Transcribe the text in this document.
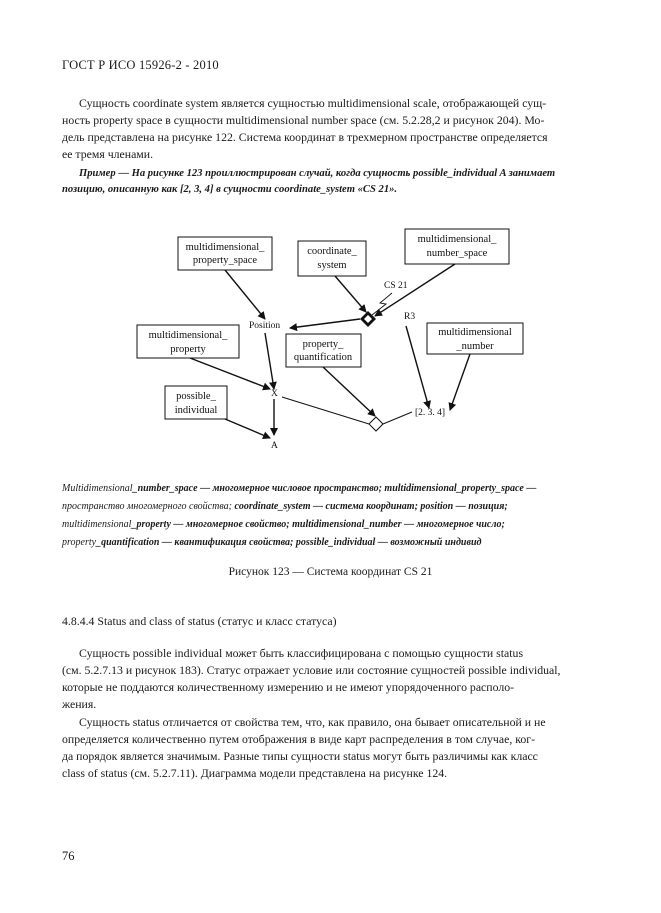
ГОСТ Р ИСО 15926-2 - 2010
Сущность coordinate system является сущностью multidimensional scale, отображающей сущ-
ность property space в сущности multidimensional number space (см. 5.2.28,2 и рисунок 204). Мо-
дель представлена на рисунке 122. Система координат в трехмерном пространстве определяется
ее тремя членами.
Пример — На рисунке 123 проиллюстрирован случай, когда сущность possible_individual A занимает
позицию, описанную как [2, 3, 4] в сущности coordinate_system «CS 21».
multidimensional_
property_space
coordinate_
system
multidimensional_
number_space
multidimensional_
property	property_
quantification
multidimensional
_number
possible_
individual
CS 21
Position
R3
X
A
[2. 3. 4]
Multidimensional_number_space — многомерное числовое пространство; multidimensional_property_space —
пространство многомерного свойства; coordinate_system — система координат; position — позиция;
multidimensional_property — многомерное свойство; multidimensional_number — многомерное число;
property_quantification — квантификация свойства; possible_individual — возможный индивид
Рисунок 123 — Система координат CS 21
4.8.4.4 Status and class of status (статус и класс статуса)
Сущность possible individual может быть классифицирована с помощью сущности status
(см. 5.2.7.13 и рисунок 183). Статус отражает условие или состояние сущностей possible individual,
которые не поддаются количественному измерению и не имеют упорядоченного располо-
жения.
Сущность status отличается от свойства тем, что, как правило, она бывает описательной и не
определяется количественно путем отображения в виде карт распределения в том случае, ког-
да порядок является значимым. Разные типы сущности status могут быть различимы как класс
class of status (см. 5.2.7.11). Диаграмма модели представлена на рисунке 124.
76
